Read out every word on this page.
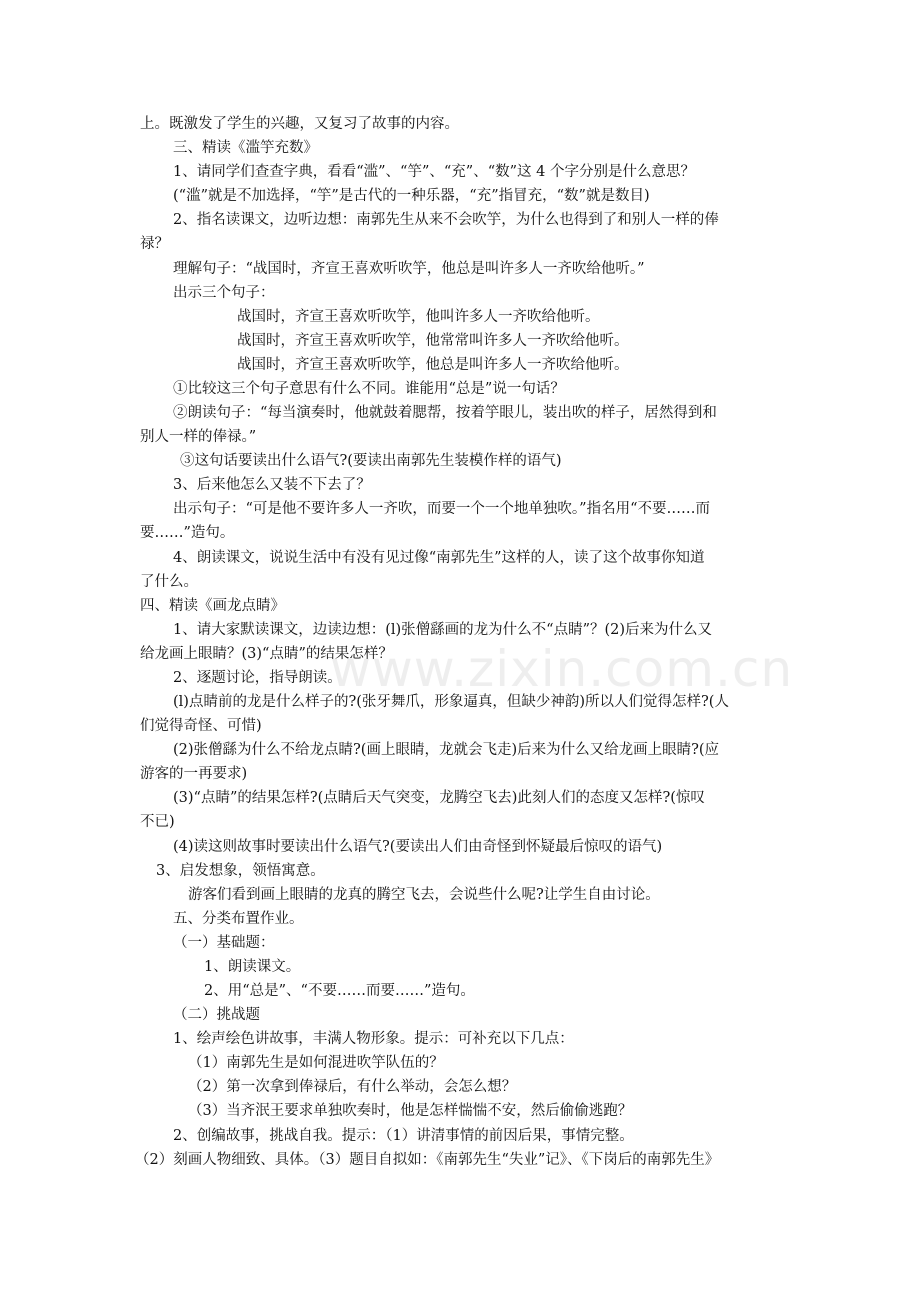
www.zixin.com.cn
上。既激发了学生的兴趣，又复习了故事的内容。
三、精读《滥竽充数》
1、请同学们查查字典，看看“滥”、“竽”、“充”、“数”这 4 个字分别是什么意思？
(“滥”就是不加选择，“竽”是古代的一种乐器，“充”指冒充，“数”就是数目)
2、指名读课文，边听边想：南郭先生从来不会吹竽，为什么也得到了和别人一样的俸
禄？
理解句子：“战国时，齐宣王喜欢听吹竽，他总是叫许多人一齐吹给他听。”
出示三个句子：
战国时，齐宣王喜欢听吹竽，他叫许多人一齐吹给他听。
战国时，齐宣王喜欢听吹竽，他常常叫许多人一齐吹给他听。
战国时，齐宣王喜欢听吹竽，他总是叫许多人一齐吹给他听。
①比较这三个句子意思有什么不同。谁能用“总是”说一句话？
②朗读句子：“每当演奏时，他就鼓着腮帮，按着竽眼儿，装出吹的样子，居然得到和
别人一样的俸禄。”
③这句话要读出什么语气?(要读出南郭先生装模作样的语气)
3、后来他怎么又装不下去了？
出示句子：“可是他不要许多人一齐吹，而要一个一个地单独吹。”指名用“不要……而
要……”造句。
4、朗读课文，说说生活中有没有见过像“南郭先生”这样的人，读了这个故事你知道
了什么。
四、精读《画龙点睛》
1、请大家默读课文，边读边想：(l)张僧繇画的龙为什么不“点睛”？(2)后来为什么又
给龙画上眼睛？(3)“点睛”的结果怎样？
2、逐题讨论，指导朗读。
(l)点睛前的龙是什么样子的?(张牙舞爪，形象逼真，但缺少神韵)所以人们觉得怎样?(人
们觉得奇怪、可惜)
(2)张僧繇为什么不给龙点睛?(画上眼睛，龙就会飞走)后来为什么又给龙画上眼睛?(应
游客的一再要求)
(3)“点睛”的结果怎样?(点睛后天气突变，龙腾空飞去)此刻人们的态度又怎样?(惊叹
不已)
(4)读这则故事时要读出什么语气?(要读出人们由奇怪到怀疑最后惊叹的语气)
3、启发想象，领悟寓意。
游客们看到画上眼睛的龙真的腾空飞去，会说些什么呢?让学生自由讨论。
五、分类布置作业。
（一）基础题：
1、朗读课文。
2、用“总是”、“不要……而要……”造句。
（二）挑战题
1、绘声绘色讲故事，丰满人物形象。提示：可补充以下几点：
（1）南郭先生是如何混进吹竽队伍的？
（2）第一次拿到俸禄后，有什么举动，会怎么想？
（3）当齐泯王要求单独吹奏时，他是怎样惴惴不安，然后偷偷逃跑？
2、创编故事，挑战自我。提示：（1）讲清事情的前因后果，事情完整。
（2）刻画人物细致、具体。（3）题目自拟如：《南郭先生“失业”记》、《下岗后的南郭先生》
